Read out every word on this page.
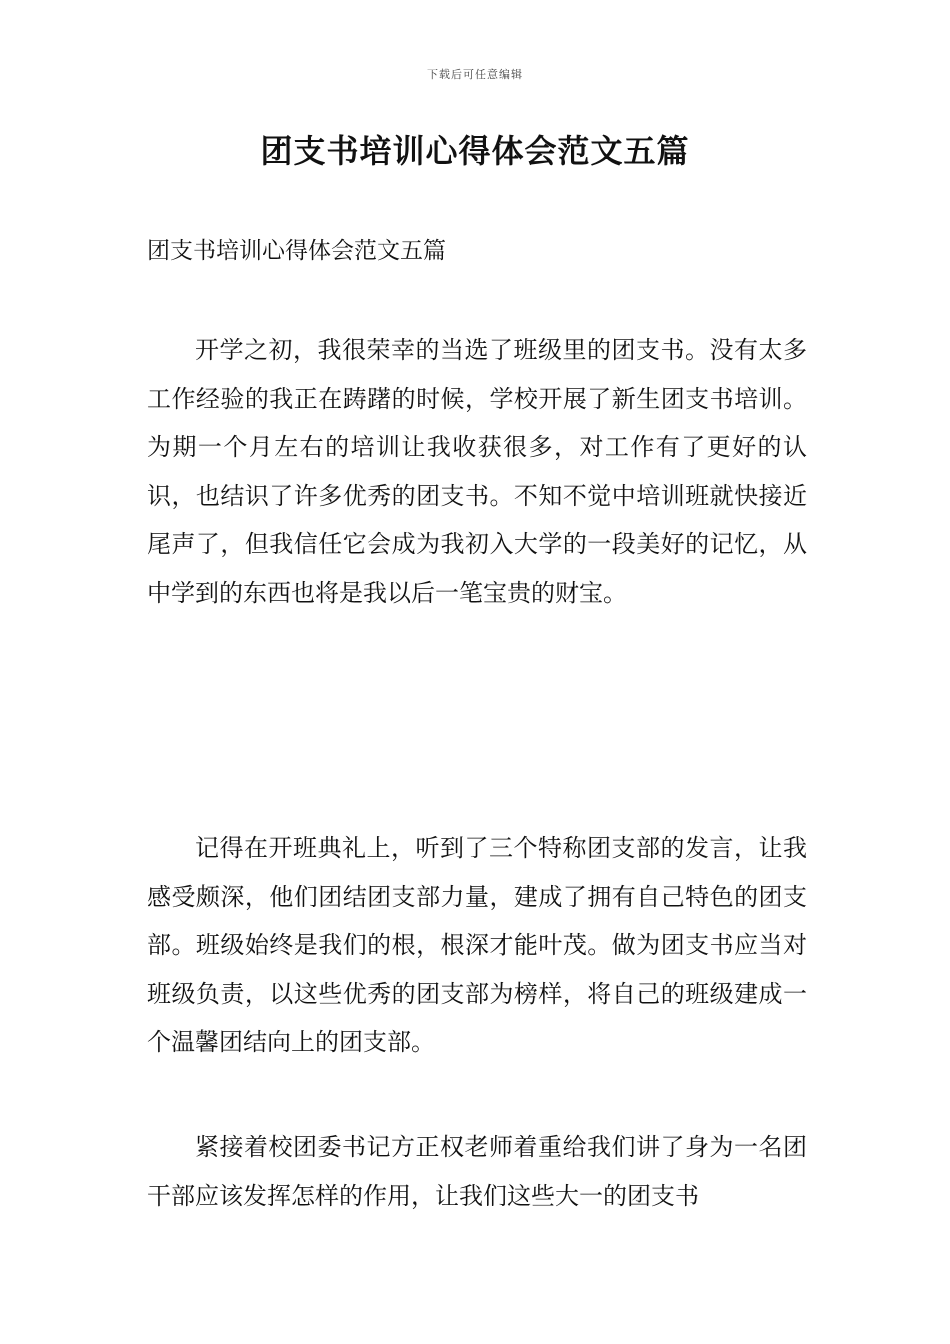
下载后可任意编辑
团支书培训心得体会范文五篇

团支书培训心得体会范文五篇

开学之初，我很荣幸的当选了班级里的团支书。没有太多工作经验的我正在踌躇的时候，学校开展了新生团支书培训。为期一个月左右的培训让我收获很多，对工作有了更好的认识，也结识了许多优秀的团支书。不知不觉中培训班就快接近尾声了，但我信任它会成为我初入大学的一段美好的记忆，从中学到的东西也将是我以后一笔宝贵的财宝。

记得在开班典礼上，听到了三个特称团支部的发言，让我感受颇深，他们团结团支部力量，建成了拥有自己特色的团支部。班级始终是我们的根，根深才能叶茂。做为团支书应当对班级负责，以这些优秀的团支部为榜样，将自己的班级建成一个温馨团结向上的团支部。

紧接着校团委书记方正权老师着重给我们讲了身为一名团干部应该发挥怎样的作用，让我们这些大一的团支书
